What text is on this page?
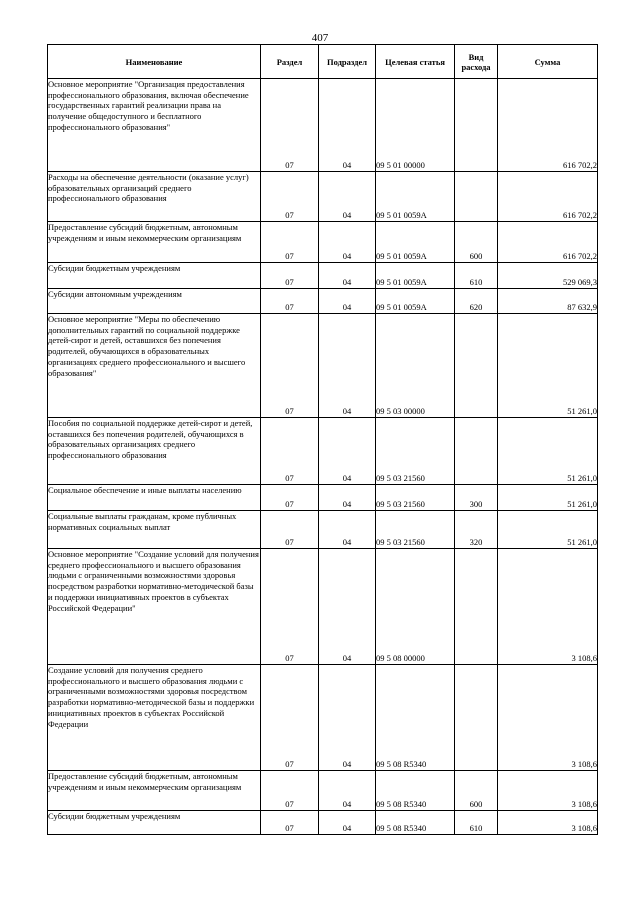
407
Наименование	Раздел	Подраздел	Целевая статья	Вид расхода	Сумма
Основное мероприятие "Организация предоставления профессионального образования, включая обеспечение государственных гарантий реализации права на получение общедоступного и бесплатного профессионального образования"	07	04	09 5 01 00000		616 702,2
Расходы на обеспечение деятельности (оказание услуг) образовательных организаций среднего профессионального образования	07	04	09 5 01 0059А		616 702,2
Предоставление субсидий бюджетным, автономным учреждениям и иным некоммерческим организациям	07	04	09 5 01 0059А	600	616 702,2
Субсидии бюджетным учреждениям	07	04	09 5 01 0059А	610	529 069,3
Субсидии автономным учреждениям	07	04	09 5 01 0059А	620	87 632,9
Основное мероприятие "Меры по обеспечению дополнительных гарантий по социальной поддержке детей-сирот и детей, оставшихся без попечения родителей, обучающихся в образовательных организациях среднего профессионального и высшего образования"	07	04	09 5 03 00000		51 261,0
Пособия по социальной поддержке детей-сирот и детей, оставшихся без попечения родителей, обучающихся в образовательных организациях среднего профессионального образования	07	04	09 5 03 21560		51 261,0
Социальное обеспечение и иные выплаты населению	07	04	09 5 03 21560	300	51 261,0
Социальные выплаты гражданам, кроме публичных нормативных социальных выплат	07	04	09 5 03 21560	320	51 261,0
Основное мероприятие "Создание условий для получения среднего профессионального и высшего образования людьми с ограниченными возможностями здоровья посредством разработки нормативно-методической базы и поддержки инициативных проектов в субъектах Российской Федерации"	07	04	09 5 08 00000		3 108,6
Создание условий для получения среднего профессионального и высшего образования людьми с ограниченными возможностями здоровья посредством разработки нормативно-методической базы и поддержки инициативных проектов в субъектах Российской Федерации	07	04	09 5 08 R5340		3 108,6
Предоставление субсидий бюджетным, автономным учреждениям и иным некоммерческим организациям	07	04	09 5 08 R5340	600	3 108,6
Субсидии бюджетным учреждениям	07	04	09 5 08 R5340	610	3 108,6
